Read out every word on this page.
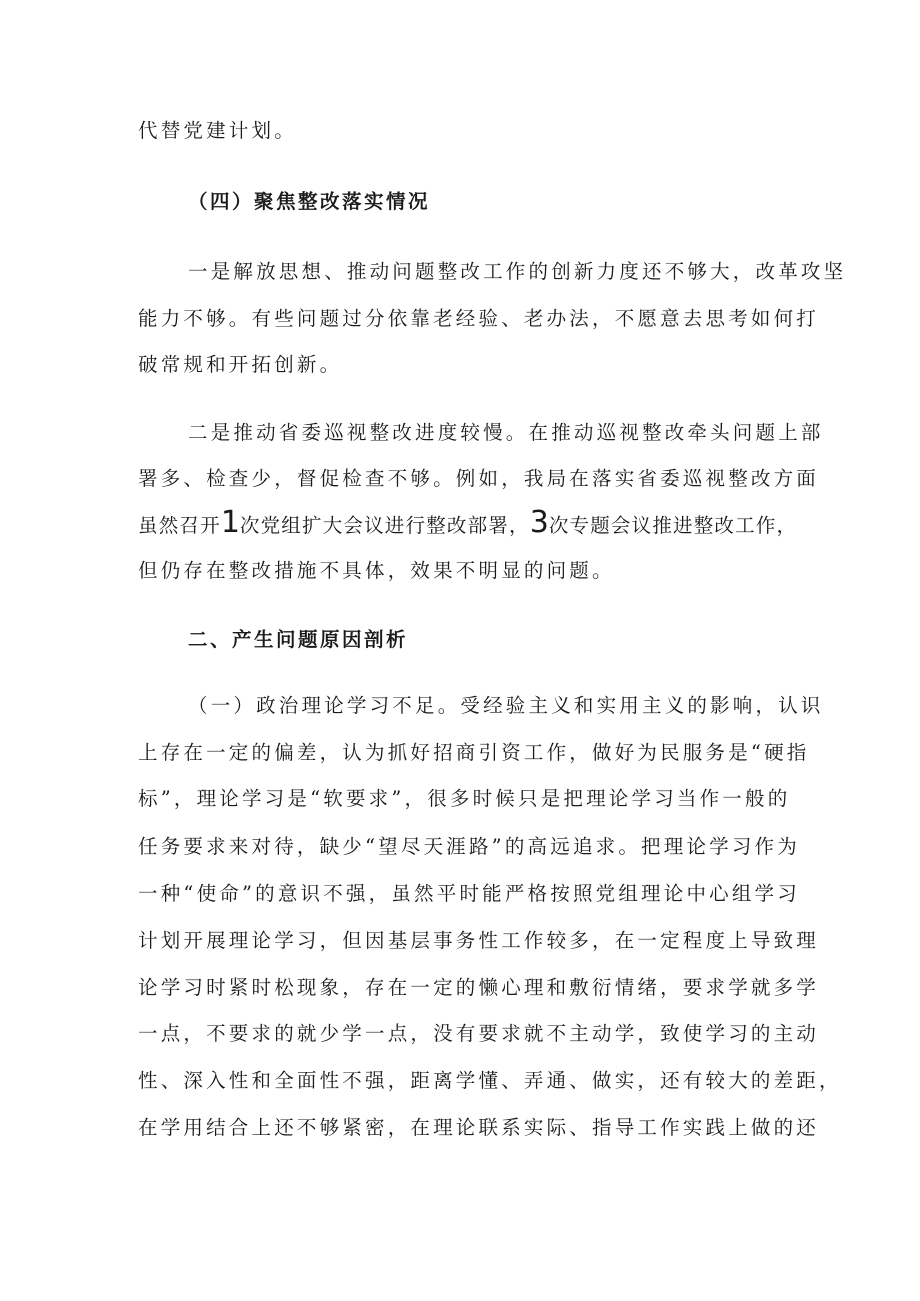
代替党建计划。
（四）聚焦整改落实情况
一是解放思想、推动问题整改工作的创新力度还不够大，改革攻坚
能力不够。有些问题过分依靠老经验、老办法，不愿意去思考如何打
破常规和开拓创新。
二是推动省委巡视整改进度较慢。在推动巡视整改牵头问题上部
署多、检查少，督促检查不够。例如，我局在落实省委巡视整改方面
虽然召开1次党组扩大会议进行整改部署，3次专题会议推进整改工作，
但仍存在整改措施不具体，效果不明显的问题。
二、产生问题原因剖析
（一）政治理论学习不足。受经验主义和实用主义的影响，认识
上存在一定的偏差，认为抓好招商引资工作，做好为民服务是“硬指
标”，理论学习是“软要求”，很多时候只是把理论学习当作一般的
任务要求来对待，缺少“望尽天涯路”的高远追求。把理论学习作为
一种“使命”的意识不强，虽然平时能严格按照党组理论中心组学习
计划开展理论学习，但因基层事务性工作较多，在一定程度上导致理
论学习时紧时松现象，存在一定的懒心理和敷衍情绪，要求学就多学
一点，不要求的就少学一点，没有要求就不主动学，致使学习的主动
性、深入性和全面性不强，距离学懂、弄通、做实，还有较大的差距，
在学用结合上还不够紧密，在理论联系实际、指导工作实践上做的还
